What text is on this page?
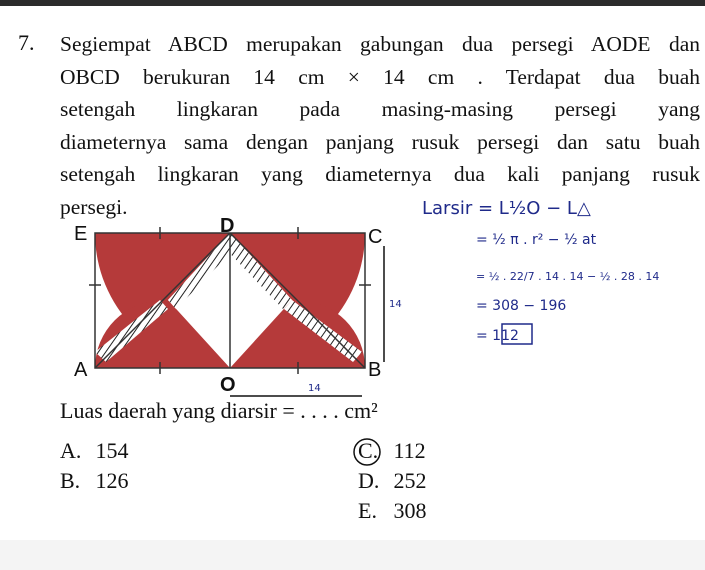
7. Segiempat ABCD merupakan gabungan dua persegi AODE dan
OBCD berukuran 14 cm × 14 cm . Terdapat dua buah
setengah lingkaran pada masing-masing persegi yang
diameternya sama dengan panjang rusuk persegi dan satu buah
setengah lingkaran yang diameternya dua kali panjang rusuk
persegi.
E	D	C
A
O
B
14
14
Larsir = L½O − L△
= ½ π . r² − ½ at
= ½ . 22/7 . 14 . 14 − ½ . 28 . 14
= 308 − 196
= 112
Luas daerah yang diarsir = . . . . cm²
A. 154
B. 126
C. 112
D. 252
E. 308
